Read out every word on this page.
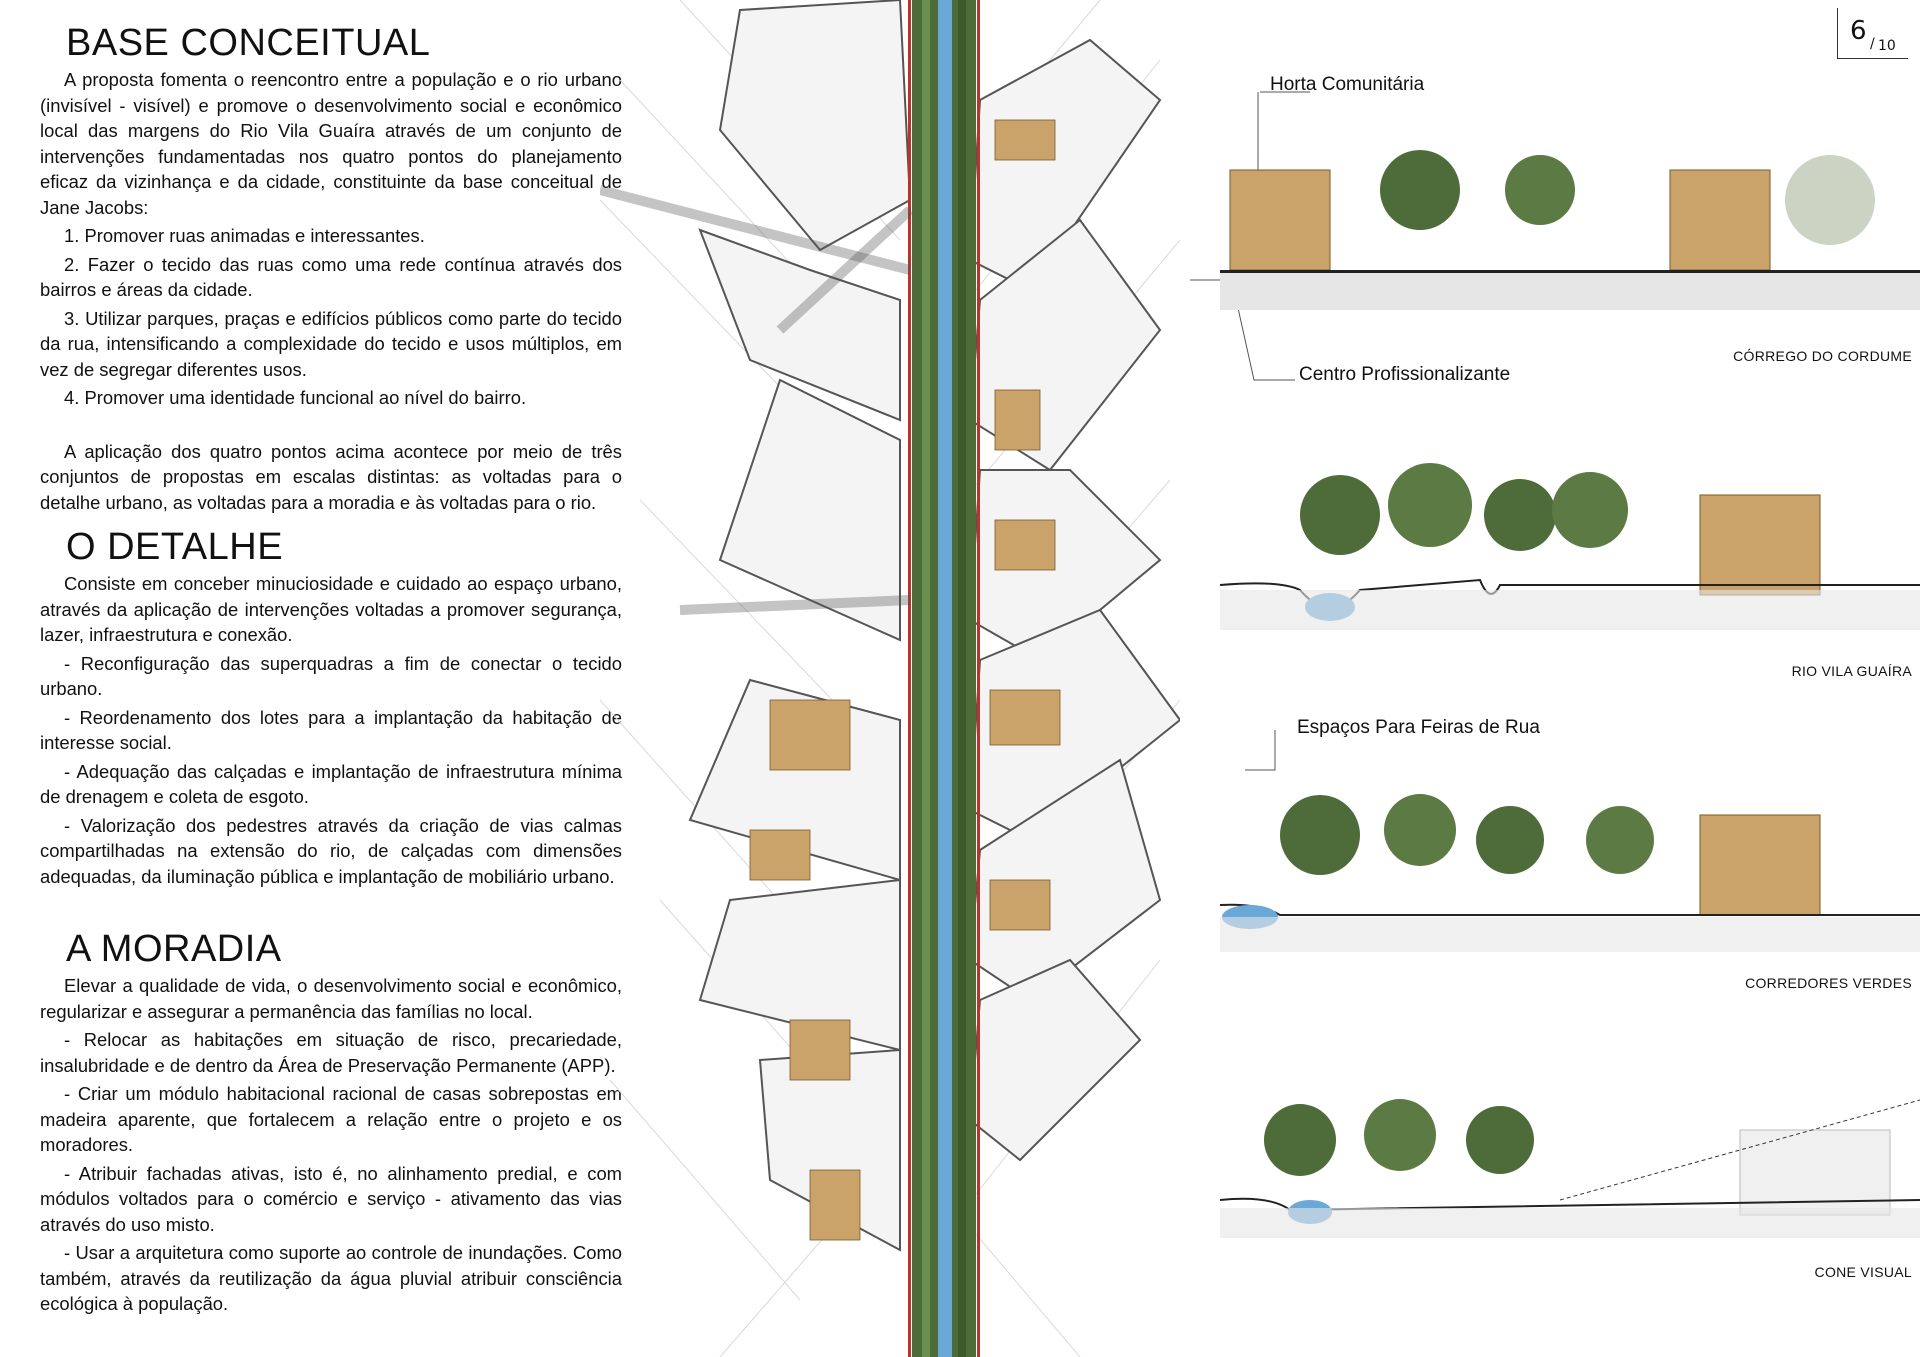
BASE CONCEITUAL

A proposta fomenta o reencontro entre a população e o rio urbano (invisível - visível) e promove o desenvolvimento social e econômico local das margens do Rio Vila Guaíra através de um conjunto de intervenções fundamentadas nos quatro pontos do planejamento eficaz da vizinhança e da cidade, constituinte da base conceitual de Jane Jacobs:

1. Promover ruas animadas e interessantes.

2. Fazer o tecido das ruas como uma rede contínua através dos bairros e áreas da cidade.

3. Utilizar parques, praças e edifícios públicos como parte do tecido da rua, intensificando a complexidade do tecido e usos múltiplos, em vez de segregar diferentes usos.

4. Promover uma identidade funcional ao nível do bairro.

A aplicação dos quatro pontos acima acontece por meio de três conjuntos de propostas em escalas distintas: as voltadas para o detalhe urbano, as voltadas para a moradia e às voltadas para o rio.

O DETALHE

Consiste em conceber minuciosidade e cuidado ao espaço urbano, através da aplicação de intervenções voltadas a promover segurança, lazer, infraestrutura e conexão.

- Reconfiguração das superquadras a fim de conectar o tecido urbano.

- Reordenamento dos lotes para a implantação da habitação de interesse social.

- Adequação das calçadas e implantação de infraestrutura mínima de drenagem e coleta de esgoto.

- Valorização dos pedestres através da criação de vias calmas compartilhadas na extensão do rio, de calçadas com dimensões adequadas, da iluminação pública e implantação de mobiliário urbano.

A MORADIA

Elevar a qualidade de vida, o desenvolvimento social e econômico, regularizar e assegurar a permanência das famílias no local.

- Relocar as habitações em situação de risco, precariedade, insalubridade e de dentro da Área de Preservação Permanente (APP).

- Criar um módulo habitacional racional de casas sobrepostas em madeira aparente, que fortalecem a relação entre o projeto e os moradores.

- Atribuir fachadas ativas, isto é, no alinhamento predial, e com módulos voltados para o comércio e serviço - ativamento das vias através do uso misto.

- Usar a arquitetura como suporte ao controle de inundações. Como também, através da reutilização da água pluvial atribuir consciência ecológica à população.

Horta Comunitária
Centro Profissionalizante
Espaços Para Feiras de Rua
CÓRREGO DO CORDUME
RIO VILA GUAÍRA
CORREDORES VERDES
CONE VISUAL
6 / 10
